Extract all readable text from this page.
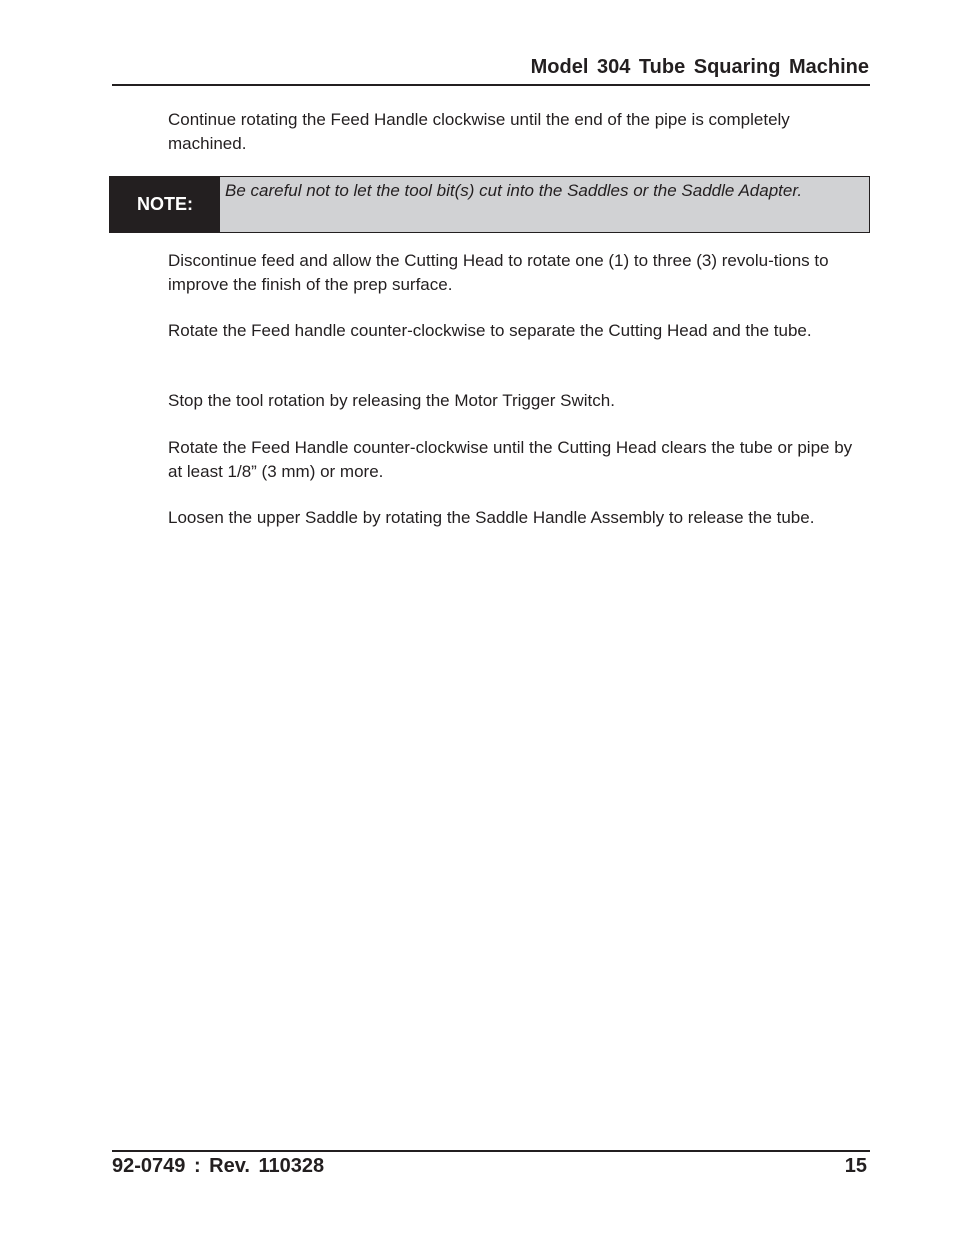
Model 304 Tube Squaring Machine

Continue rotating the Feed Handle clockwise until the end of the pipe is completely machined.

NOTE:
Be careful not to let the tool bit(s) cut into the Saddles or the Saddle Adapter.

Discontinue feed and allow the Cutting Head to rotate one (1) to three (3) revolu-tions to improve the finish of the prep surface.

Rotate the Feed handle counter-clockwise to separate the Cutting Head and the tube.

Stop the tool rotation by releasing the Motor Trigger Switch.

Rotate the Feed Handle counter-clockwise until the Cutting Head clears the tube or pipe by at least 1/8” (3 mm) or more.

Loosen the upper Saddle by rotating the Saddle Handle Assembly to release the tube.

92-0749 : Rev. 110328	15
